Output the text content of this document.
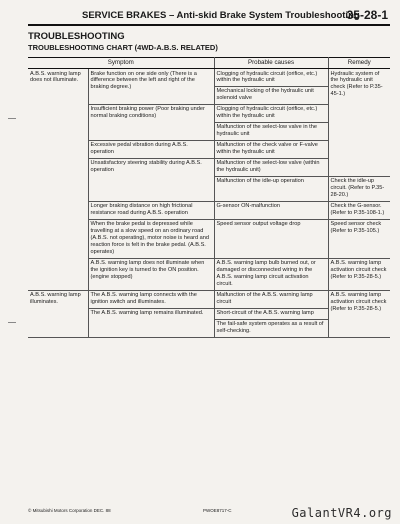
SERVICE BRAKES – Anti-skid Brake System Troubleshooting
35-28-1
TROUBLESHOOTING
TROUBLESHOOTING CHART (4WD-A.B.S. RELATED)
Symptom		Probable causes	Remedy

A.B.S. warning lamp does not illuminate.	Brake function on one side only (There is a difference between the left and right of the braking degree.)	Clogging of hydraulic circuit (orifice, etc.) within the hydraulic unit	Hydraulic system of the hydraulic unit check (Refer to P.35-45-1.)

		Mechanical locking of the hydraulic unit solenoid valve	

	Insufficient braking power (Poor braking under normal braking conditions)	Clogging of hydraulic circuit (orifice, etc.) within the hydraulic unit	

		Malfunction of the select-low valve in the hydraulic unit	

	Excessive pedal vibration during A.B.S. operation	Malfunction of the check valve or F-valve within the hydraulic unit	

	Unsatisfactory steering stability during A.B.S. operation	Malfunction of the select-low valve (within the hydraulic unit)	

		Malfunction of the idle-up operation	Check the idle-up circuit. (Refer to P.35-28-20.)

	Longer braking distance on high frictional resistance road during A.B.S. operation	G-sensor ON-malfunction	Check the G-sensor. (Refer to P.35-108-1.)

	When the brake pedal is depressed while travelling at a slow speed on an ordinary road (A.B.S. not operating), motor noise is heard and reaction force is felt in the brake pedal. (A.B.S. operates)	Speed sensor output voltage drop	Speed sensor check (Refer to P.35-105.)

	A.B.S. warning lamp does not illuminate when the ignition key is turned to the ON position. (engine stopped)	A.B.S. warning lamp bulb burned out, or damaged or disconnected wiring in the A.B.S. warning lamp circuit activation circuit.	A.B.S. warning lamp activation circuit check (Refer to P.35-28-5.)

A.B.S. warning lamp illuminates.	The A.B.S. warning lamp connects with the ignition switch and illuminates.	Malfunction of the A.B.S. warning lamp circuit	A.B.S. warning lamp activation circuit check (Refer to P.35-28-5.)

	The A.B.S. warning lamp remains illuminated.	Short-circuit of the A.B.S. warning lamp	

		The fail-safe system operates as a result of self-checking.	
© Mitsubishi Motors Corporation DEC. 88	PWOE8717-C	GalantVR4.org
